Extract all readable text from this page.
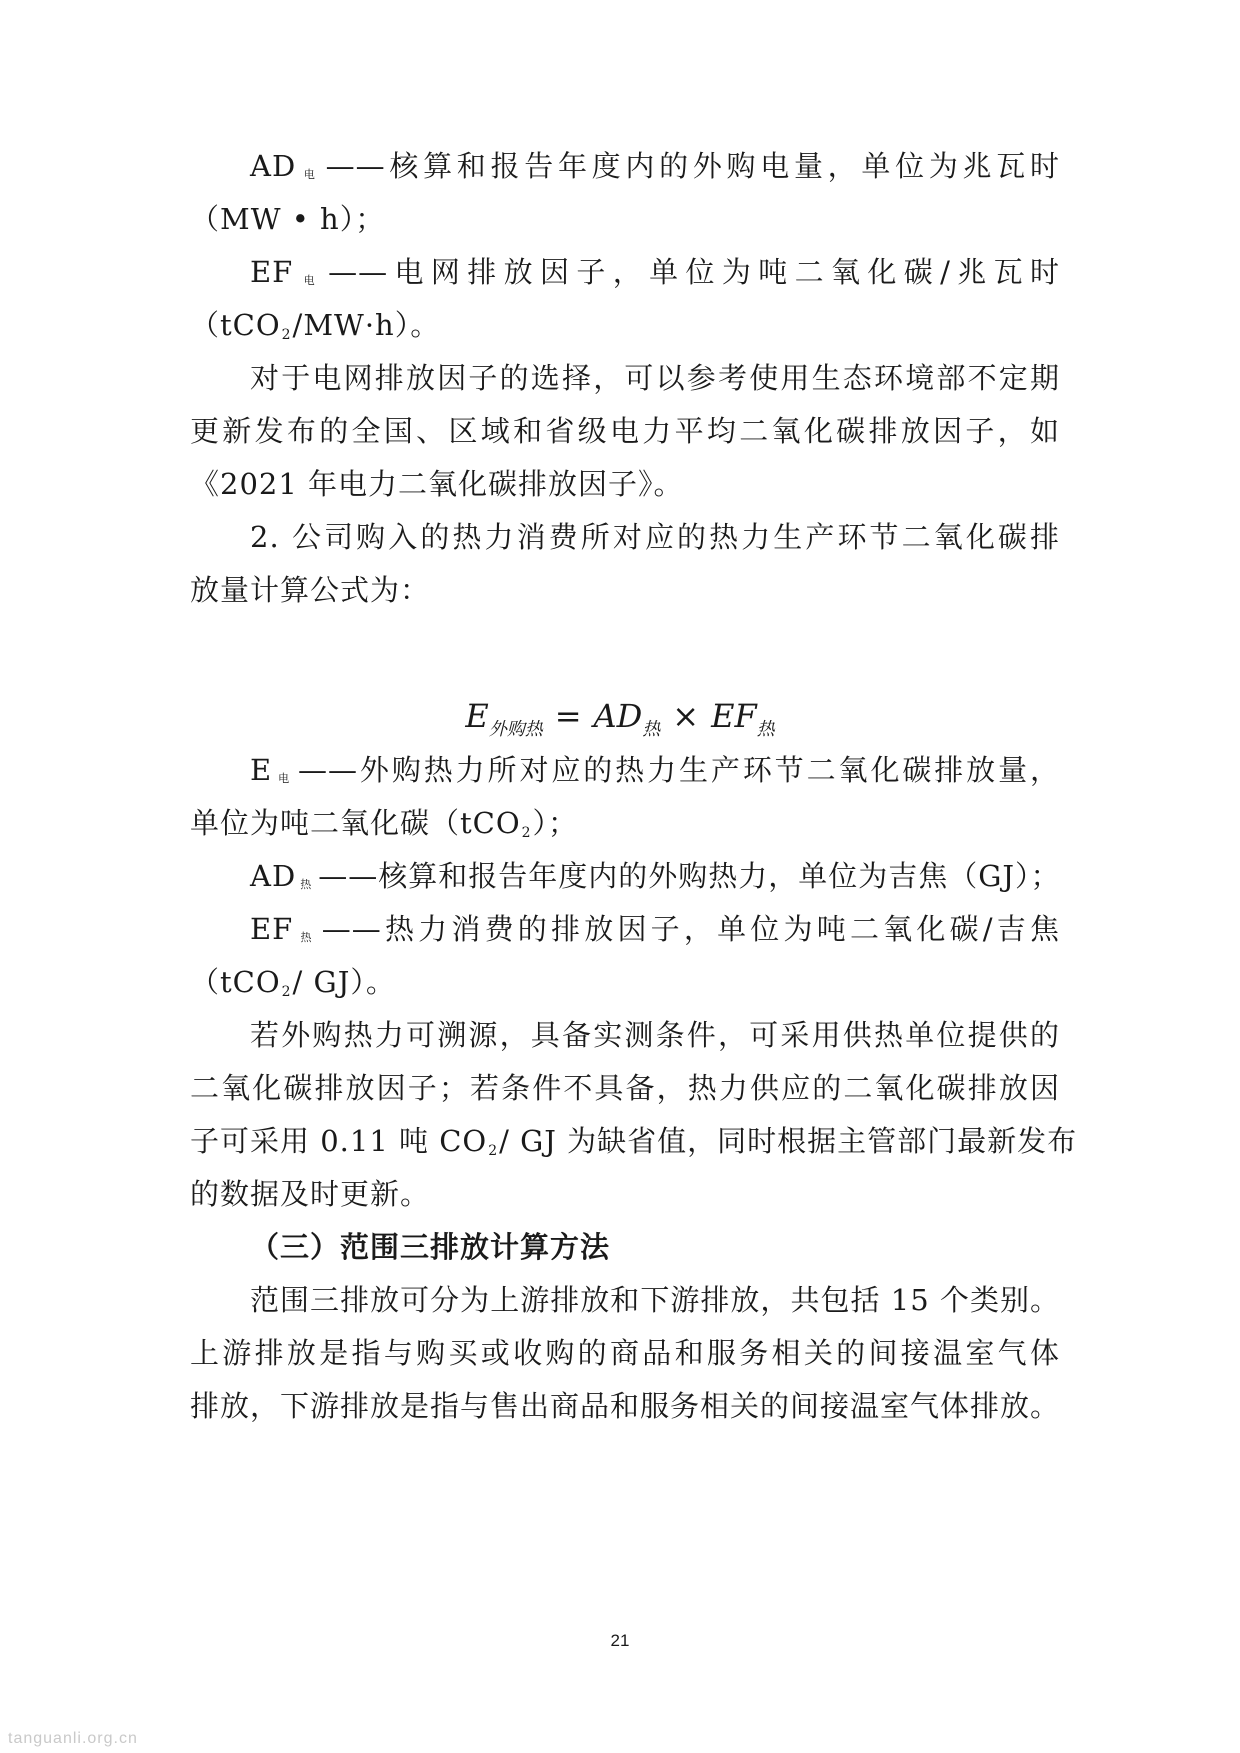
AD 电 ——核算和报告年度内的外购电量，单位为兆瓦时
（MW • h）；
EF 电 ——电网排放因子，单位为吨二氧化碳/兆瓦时
（tCO2/MW·h）。
对于电网排放因子的选择，可以参考使用生态环境部不定期
更新发布的全国、区域和省级电力平均二氧化碳排放因子，如
《2021 年电力二氧化碳排放因子》。
2. 公司购入的热力消费所对应的热力生产环节二氧化碳排
放量计算公式为：
$E_{外购热} = AD_热 \times EF_热$
E电 ——外购热力所对应的热力生产环节二氧化碳排放量，
单位为吨二氧化碳（tCO2）；
AD 热 ——核算和报告年度内的外购热力，单位为吉焦（GJ）；
EF 热 ——热力消费的排放因子，单位为吨二氧化碳/吉焦
（tCO2/ GJ）。
若外购热力可溯源，具备实测条件，可采用供热单位提供的
二氧化碳排放因子；若条件不具备，热力供应的二氧化碳排放因
子可采用 0.11 吨 CO2/ GJ 为缺省值，同时根据主管部门最新发布
的数据及时更新。
（三）范围三排放计算方法
范围三排放可分为上游排放和下游排放，共包括 15 个类别。
上游排放是指与购买或收购的商品和服务相关的间接温室气体
排放，下游排放是指与售出商品和服务相关的间接温室气体排放。
21
tanguanli.org.cn
